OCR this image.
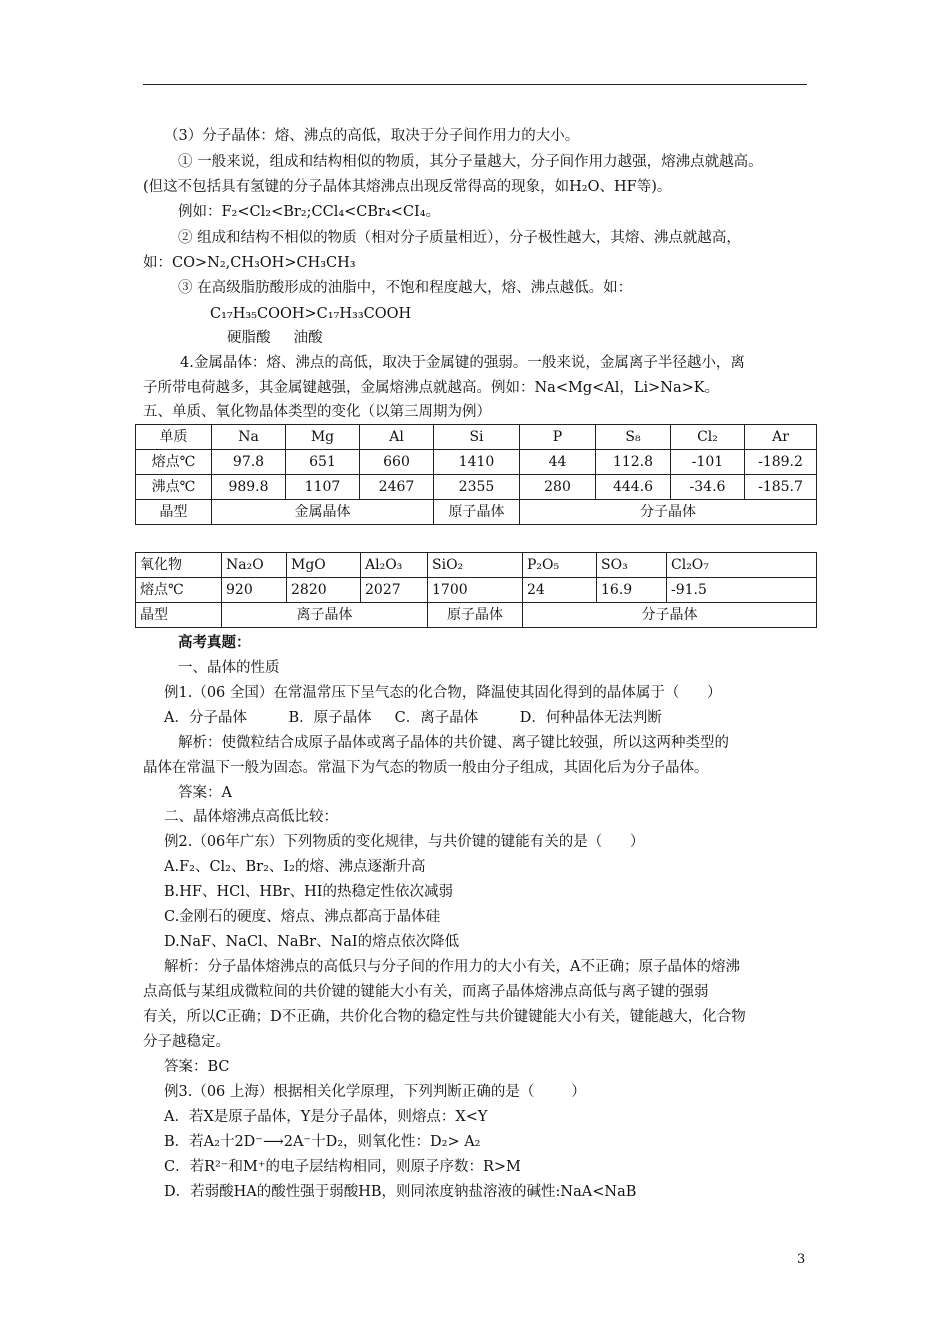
（3）分子晶体：熔、沸点的高低，取决于分子间作用力的大小。
① 一般来说，组成和结构相似的物质，其分子量越大，分子间作用力越强，熔沸点就越高。
(但这不包括具有氢键的分子晶体其熔沸点出现反常得高的现象，如H₂O、HF等)。
例如：F₂<Cl₂<Br₂;CCl₄<CBr₄<CI₄。
② 组成和结构不相似的物质（相对分子质量相近），分子极性越大，其熔、沸点就越高，
如：CO>N₂,CH₃OH>CH₃CH₃
③ 在高级脂肪酸形成的油脂中，不饱和程度越大，熔、沸点越低。如：
C₁₇H₃₅COOH>C₁₇H₃₃COOH
硬脂酸     油酸
4.金属晶体：熔、沸点的高低，取决于金属键的强弱。一般来说，金属离子半径越小，离
子所带电荷越多，其金属键越强，金属熔沸点就越高。例如：Na<Mg<Al，Li>Na>K。
五、单质、氧化物晶体类型的变化（以第三周期为例）
单质	Na	Mg	Al	Si	P	S₈	Cl₂	Ar
熔点℃	97.8	651	660	1410	44	112.8	-101	-189.2
沸点℃	989.8	1107	2467	2355	280	444.6	-34.6	-185.7
晶型	金属晶体			原子晶体	分子晶体			
氧化物	Na₂O	MgO	Al₂O₃	SiO₂	P₂O₅	SO₃	Cl₂O₇
熔点℃	920	2820	2027	1700	24	16.9	-91.5
晶型	离子晶体			原子晶体	分子晶体		
高考真题：
一、晶体的性质
例1.（06 全国）在常温常压下呈气态的化合物，降温使其固化得到的晶体属于（      ）
A．分子晶体         B．原子晶体     C．离子晶体         D．何种晶体无法判断
解析：使微粒结合成原子晶体或离子晶体的共价键、离子键比较强，所以这两种类型的
晶体在常温下一般为固态。常温下为气态的物质一般由分子组成，其固化后为分子晶体。
答案：A
二、晶体熔沸点高低比较：
例2.（06年广东）下列物质的变化规律，与共价键的键能有关的是（      ）
A.F₂、Cl₂、Br₂、I₂的熔、沸点逐渐升高
B.HF、HCl、HBr、HI的热稳定性依次减弱
C.金刚石的硬度、熔点、沸点都高于晶体硅
D.NaF、NaCl、NaBr、NaI的熔点依次降低
解析：分子晶体熔沸点的高低只与分子间的作用力的大小有关，A不正确；原子晶体的熔沸
点高低与某组成微粒间的共价键的键能大小有关，而离子晶体熔沸点高低与离子键的强弱
有关，所以C正确；D不正确，共价化合物的稳定性与共价键键能大小有关，键能越大，化合物
分子越稳定。
答案：BC
例3.（06 上海）根据相关化学原理，下列判断正确的是（        ）
A．若X是原子晶体，Y是分子晶体，则熔点：X<Y
B．若A₂十2D⁻⟶2A⁻十D₂，则氧化性：D₂> A₂
C．若R²⁻和M⁺的电子层结构相同，则原子序数：R>M
D．若弱酸HA的酸性强于弱酸HB，则同浓度钠盐溶液的碱性:NaA<NaB
3
